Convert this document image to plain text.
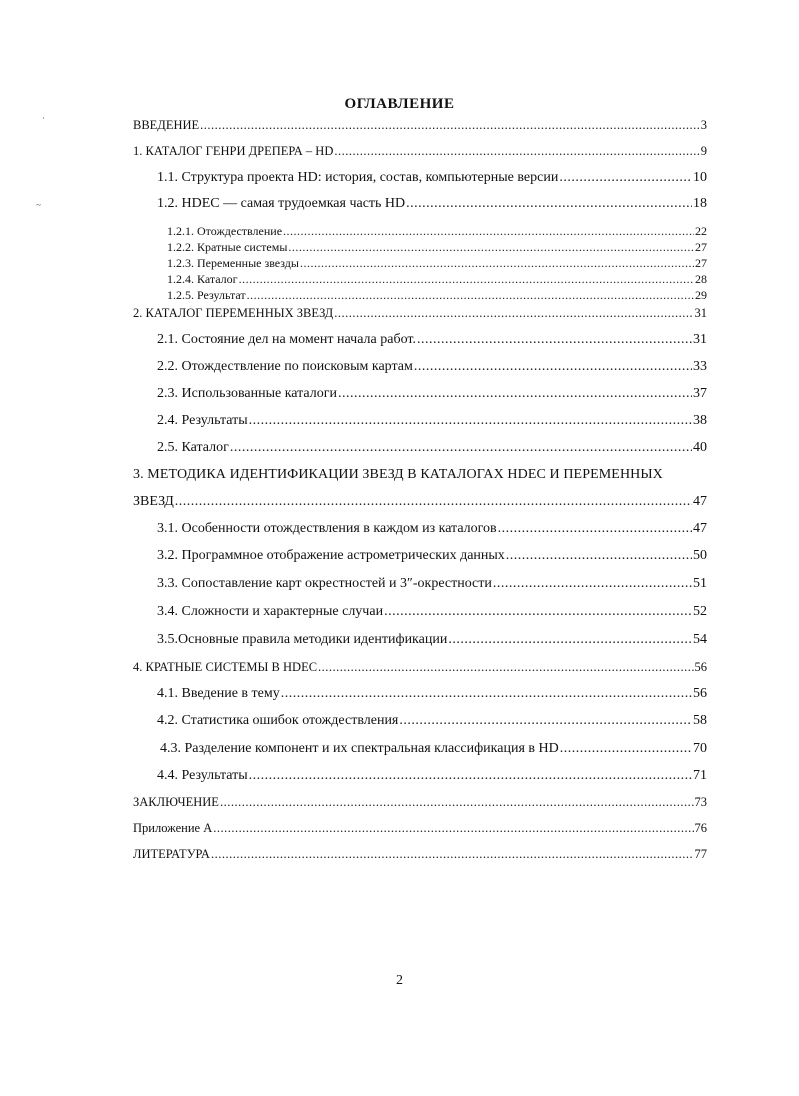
·
~
ОГЛАВЛЕНИЕ
ВВЕДЕНИЕ .....	3
1. КАТАЛОГ ГЕНРИ ДРЕПЕРА – HD .....	9
1.1. Структура проекта HD: история, состав, компьютерные версии .....	10
1.2. HDEC — самая трудоемкая часть HD .....	18
1.2.1. Отождествление .....	22
1.2.2. Кратные системы .....	27
1.2.3. Переменные звезды .....	27
1.2.4. Каталог .....	28
1.2.5. Результат .....	29
2. КАТАЛОГ ПЕРЕМЕННЫХ ЗВЕЗД .....	31
2.1. Состояние дел на момент начала работ. .....	31
2.2. Отождествление по поисковым картам .....	33
2.3. Использованные каталоги .....	37
2.4. Результаты .....	38
2.5. Каталог .....	40
3. МЕТОДИКА ИДЕНТИФИКАЦИИ ЗВЕЗД В КАТАЛОГАХ HDEC И ПЕРЕМЕННЫХ
ЗВЕЗД .....	47
3.1. Особенности отождествления в каждом из каталогов .....	47
3.2. Программное отображение астрометрических данных .....	50
3.3. Сопоставление карт окрестностей и 3″-окрестности .....	51
3.4. Сложности и характерные случаи .....	52
3.5.Основные правила методики идентификации .....	54
4. КРАТНЫЕ СИСТЕМЫ В HDEC .....	56
4.1. Введение в тему .....	56
4.2. Статистика ошибок отождествления .....	58
4.3. Разделение компонент и их спектральная классификация в HD .....	70
4.4. Результаты .....	71
ЗАКЛЮЧЕНИЕ .....	73
Приложение А .....	76
ЛИТЕРАТУРА .....	77
2
